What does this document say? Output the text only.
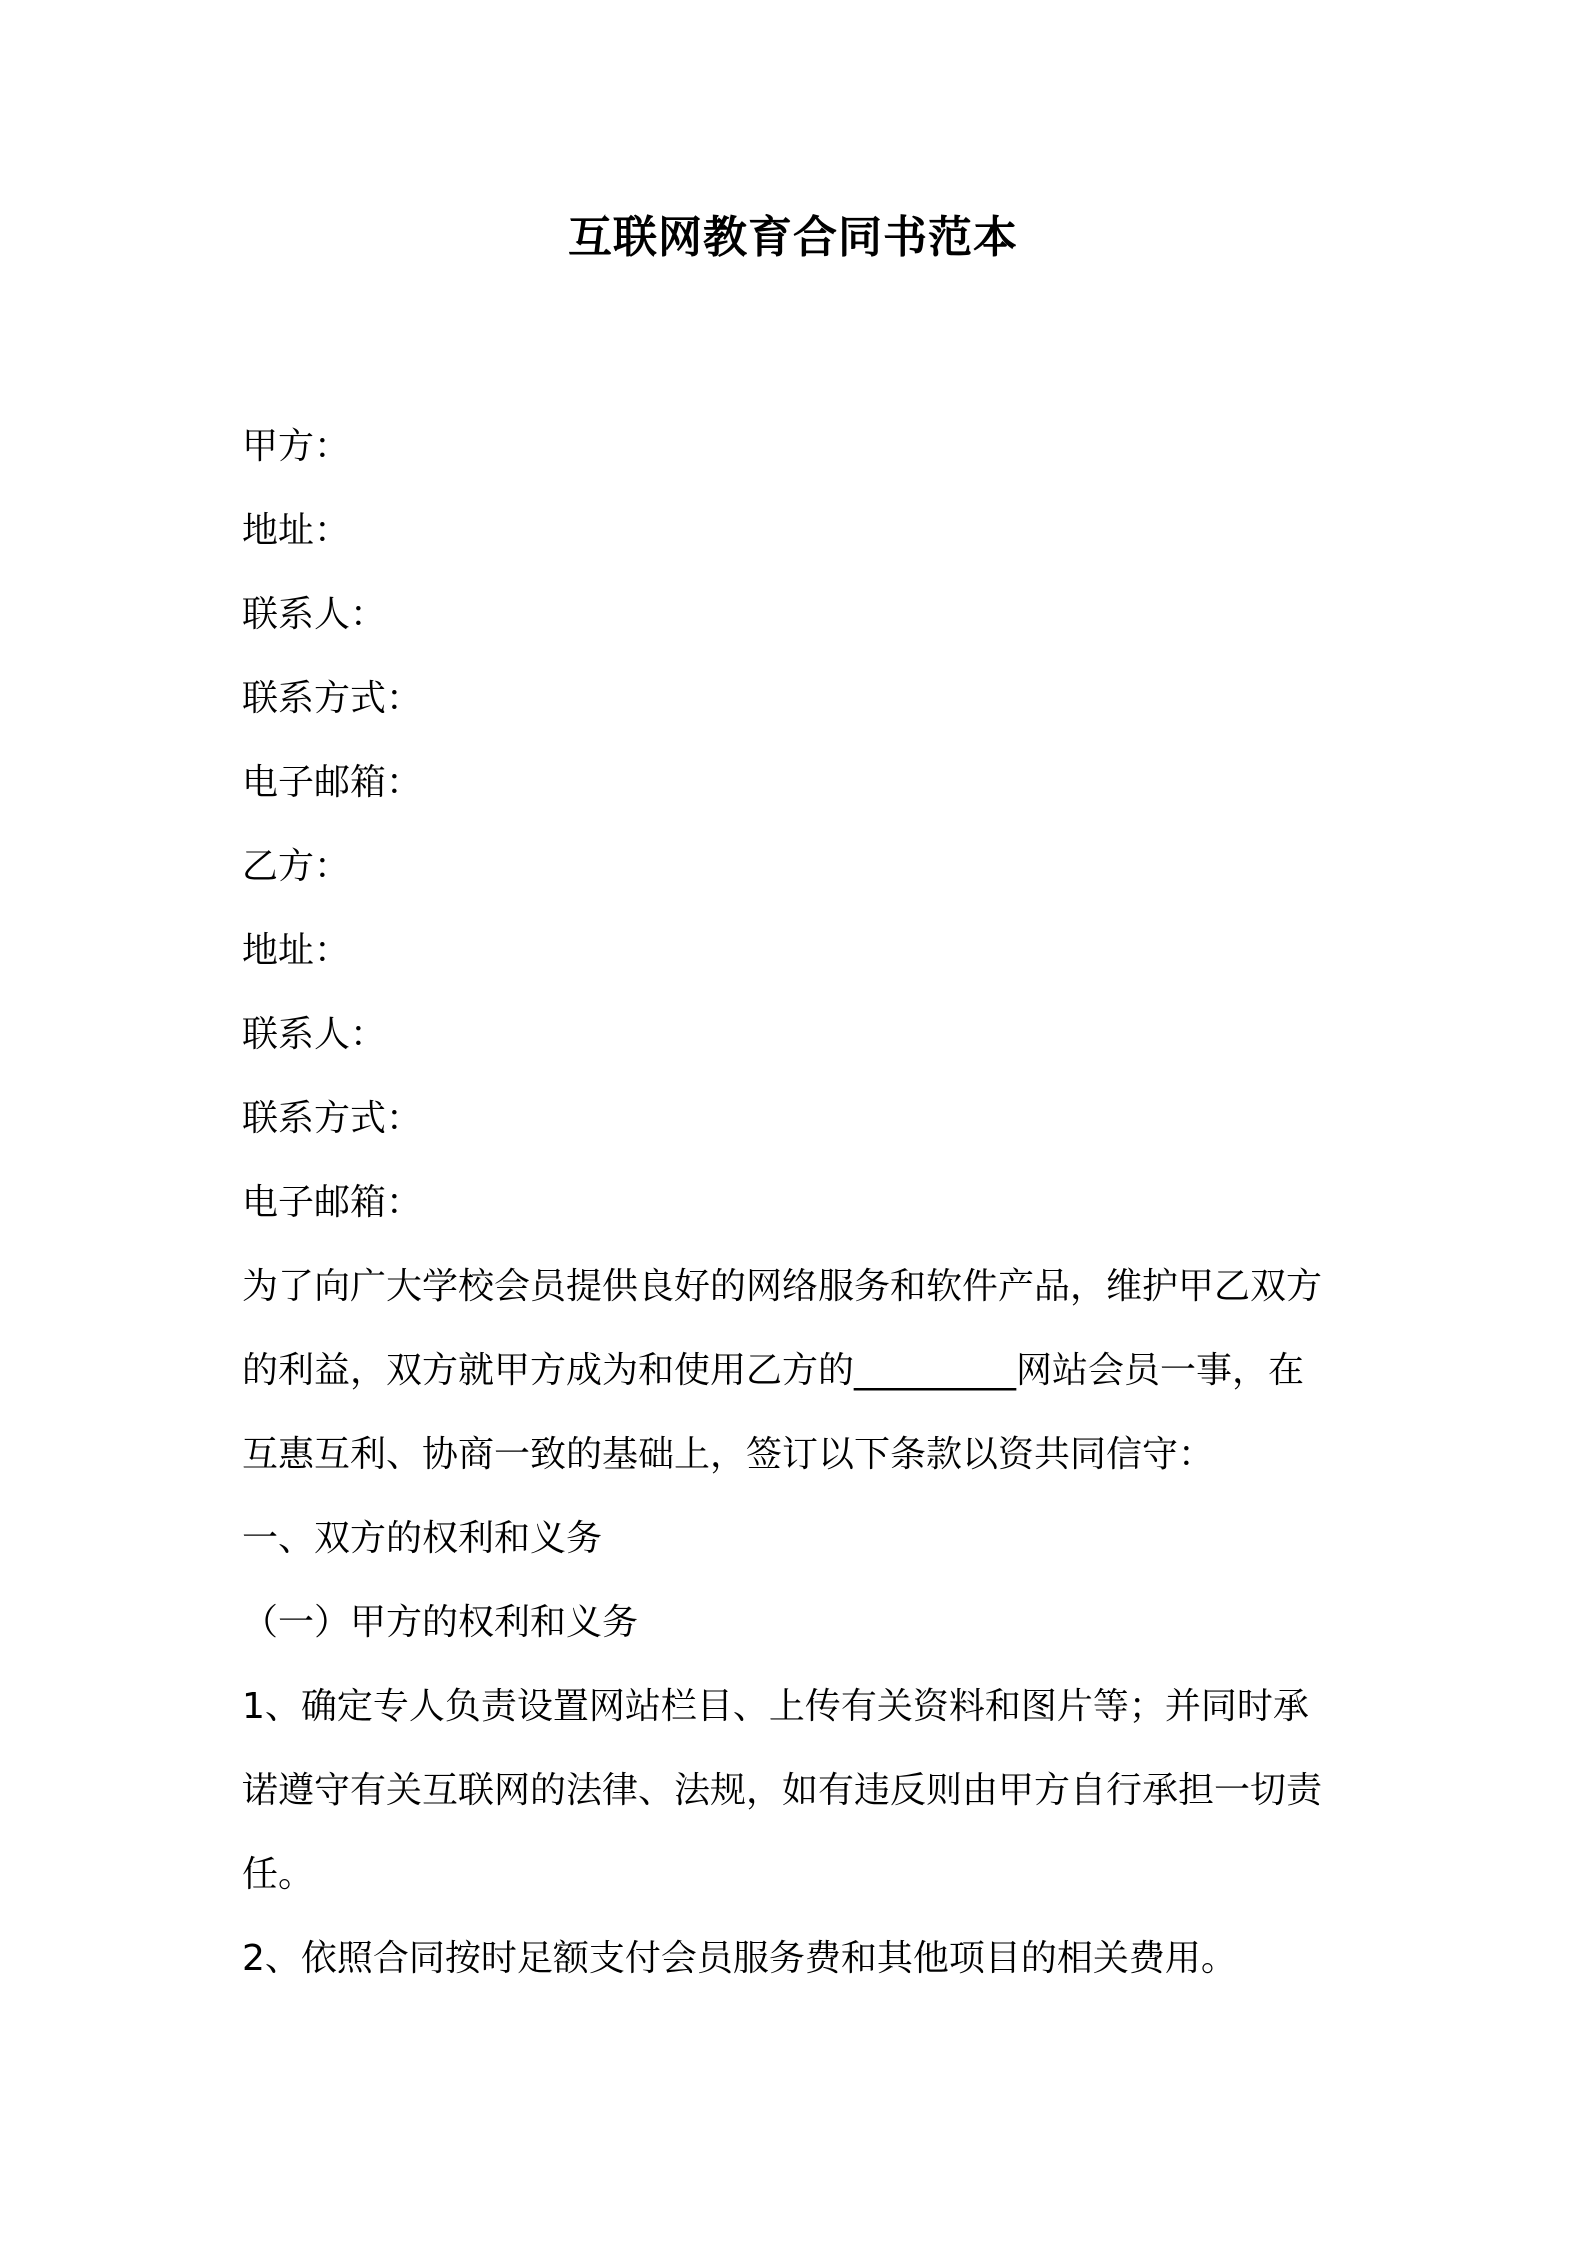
互联网教育合同书范本
甲方：
地址：
联系人：
联系方式：
电子邮箱：
乙方：
地址：
联系人：
联系方式：
电子邮箱：
为了向广大学校会员提供良好的网络服务和软件产品，维护甲乙双方
的利益，双方就甲方成为和使用乙方的_________网站会员一事，在
互惠互利、协商一致的基础上，签订以下条款以资共同信守：
一、双方的权利和义务
（一）甲方的权利和义务
1、确定专人负责设置网站栏目、上传有关资料和图片等；并同时承
诺遵守有关互联网的法律、法规，如有违反则由甲方自行承担一切责
任。
2、依照合同按时足额支付会员服务费和其他项目的相关费用。
